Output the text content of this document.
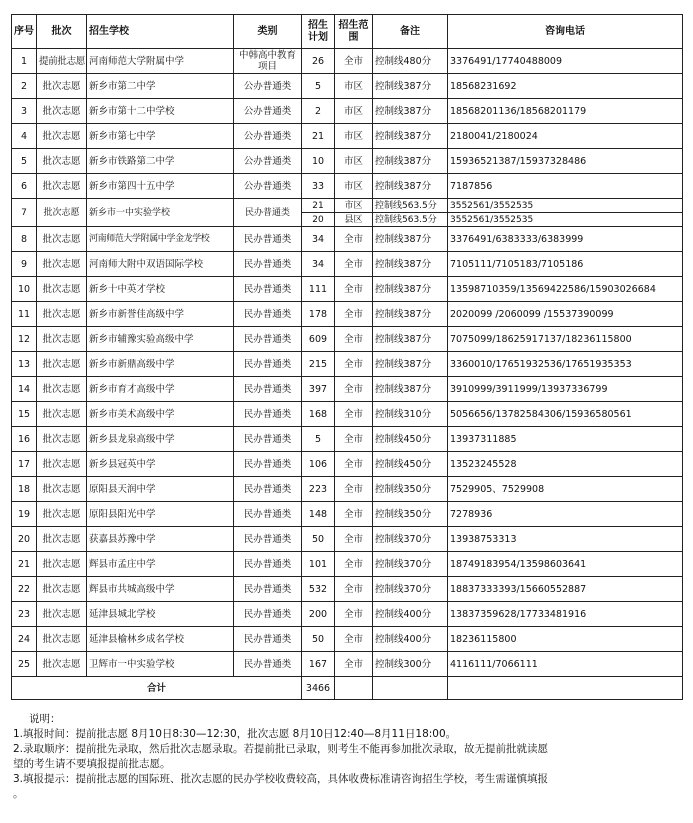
序号	批次	招生学校	类别	招生计划	招生范围	备注	咨询电话
1	提前批志愿	河南师范大学附属中学	中韩高中教育项目	26	全市	控制线480分	3376491/17740488009
2	批次志愿	新乡市第二中学	公办普通类	5	市区	控制线387分	18568231692
3	批次志愿	新乡市第十二中学校	公办普通类	2	市区	控制线387分	18568201136/18568201179
4	批次志愿	新乡市第七中学	公办普通类	21	市区	控制线387分	2180041/2180024
5	批次志愿	新乡市铁路第二中学	公办普通类	10	市区	控制线387分	15936521387/15937328486
6	批次志愿	新乡市第四十五中学	公办普通类	33	市区	控制线387分	7187856
7	批次志愿	新乡市一中实验学校	民办普通类	21	市区	控制线563.5分	3552561/3552535
				20	县区	控制线563.5分	3552561/3552535
8	批次志愿	河南师范大学附属中学金龙学校	民办普通类	34	全市	控制线387分	3376491/6383333/6383999
9	批次志愿	河南师大附中双语国际学校	民办普通类	34	全市	控制线387分	7105111/7105183/7105186
10	批次志愿	新乡十中英才学校	民办普通类	111	全市	控制线387分	13598710359/13569422586/15903026684
11	批次志愿	新乡市新誉佳高级中学	民办普通类	178	全市	控制线387分	2020099 /2060099 /15537390099
12	批次志愿	新乡市辅豫实验高级中学	民办普通类	609	全市	控制线387分	7075099/18625917137/18236115800
13	批次志愿	新乡市新鼎高级中学	民办普通类	215	全市	控制线387分	3360010/17651932536/17651935353
14	批次志愿	新乡市育才高级中学	民办普通类	397	全市	控制线387分	3910999/3911999/13937336799
15	批次志愿	新乡市美术高级中学	民办普通类	168	全市	控制线310分	5056656/13782584306/15936580561
16	批次志愿	新乡县龙泉高级中学	民办普通类	5	全市	控制线450分	13937311885
17	批次志愿	新乡县冠英中学	民办普通类	106	全市	控制线450分	13523245528
18	批次志愿	原阳县天润中学	民办普通类	223	全市	控制线350分	7529905、7529908
19	批次志愿	原阳县阳光中学	民办普通类	148	全市	控制线350分	7278936
20	批次志愿	获嘉县苏豫中学	民办普通类	50	全市	控制线370分	13938753313
21	批次志愿	辉县市孟庄中学	民办普通类	101	全市	控制线370分	18749183954/13598603641
22	批次志愿	辉县市共城高级中学	民办普通类	532	全市	控制线370分	18837333393/15660552887
23	批次志愿	延津县城北学校	民办普通类	200	全市	控制线400分	13837359628/17733481916
24	批次志愿	延津县榆林乡成名学校	民办普通类	50	全市	控制线400分	18236115800
25	批次志愿	卫辉市一中实验学校	民办普通类	167	全市	控制线300分	4116111/7066111
合计				3466			
说明：
1.填报时间：提前批志愿 8月10日8:30—12:30，批次志愿 8月10日12:40—8月11日18:00。
2.录取顺序：提前批先录取，然后批次志愿录取。若提前批已录取，则考生不能再参加批次录取，故无提前批就读愿
望的考生请不要填报提前批志愿。
3.填报提示：提前批志愿的国际班、批次志愿的民办学校收费较高，具体收费标准请咨询招生学校，考生需谨慎填报
。
